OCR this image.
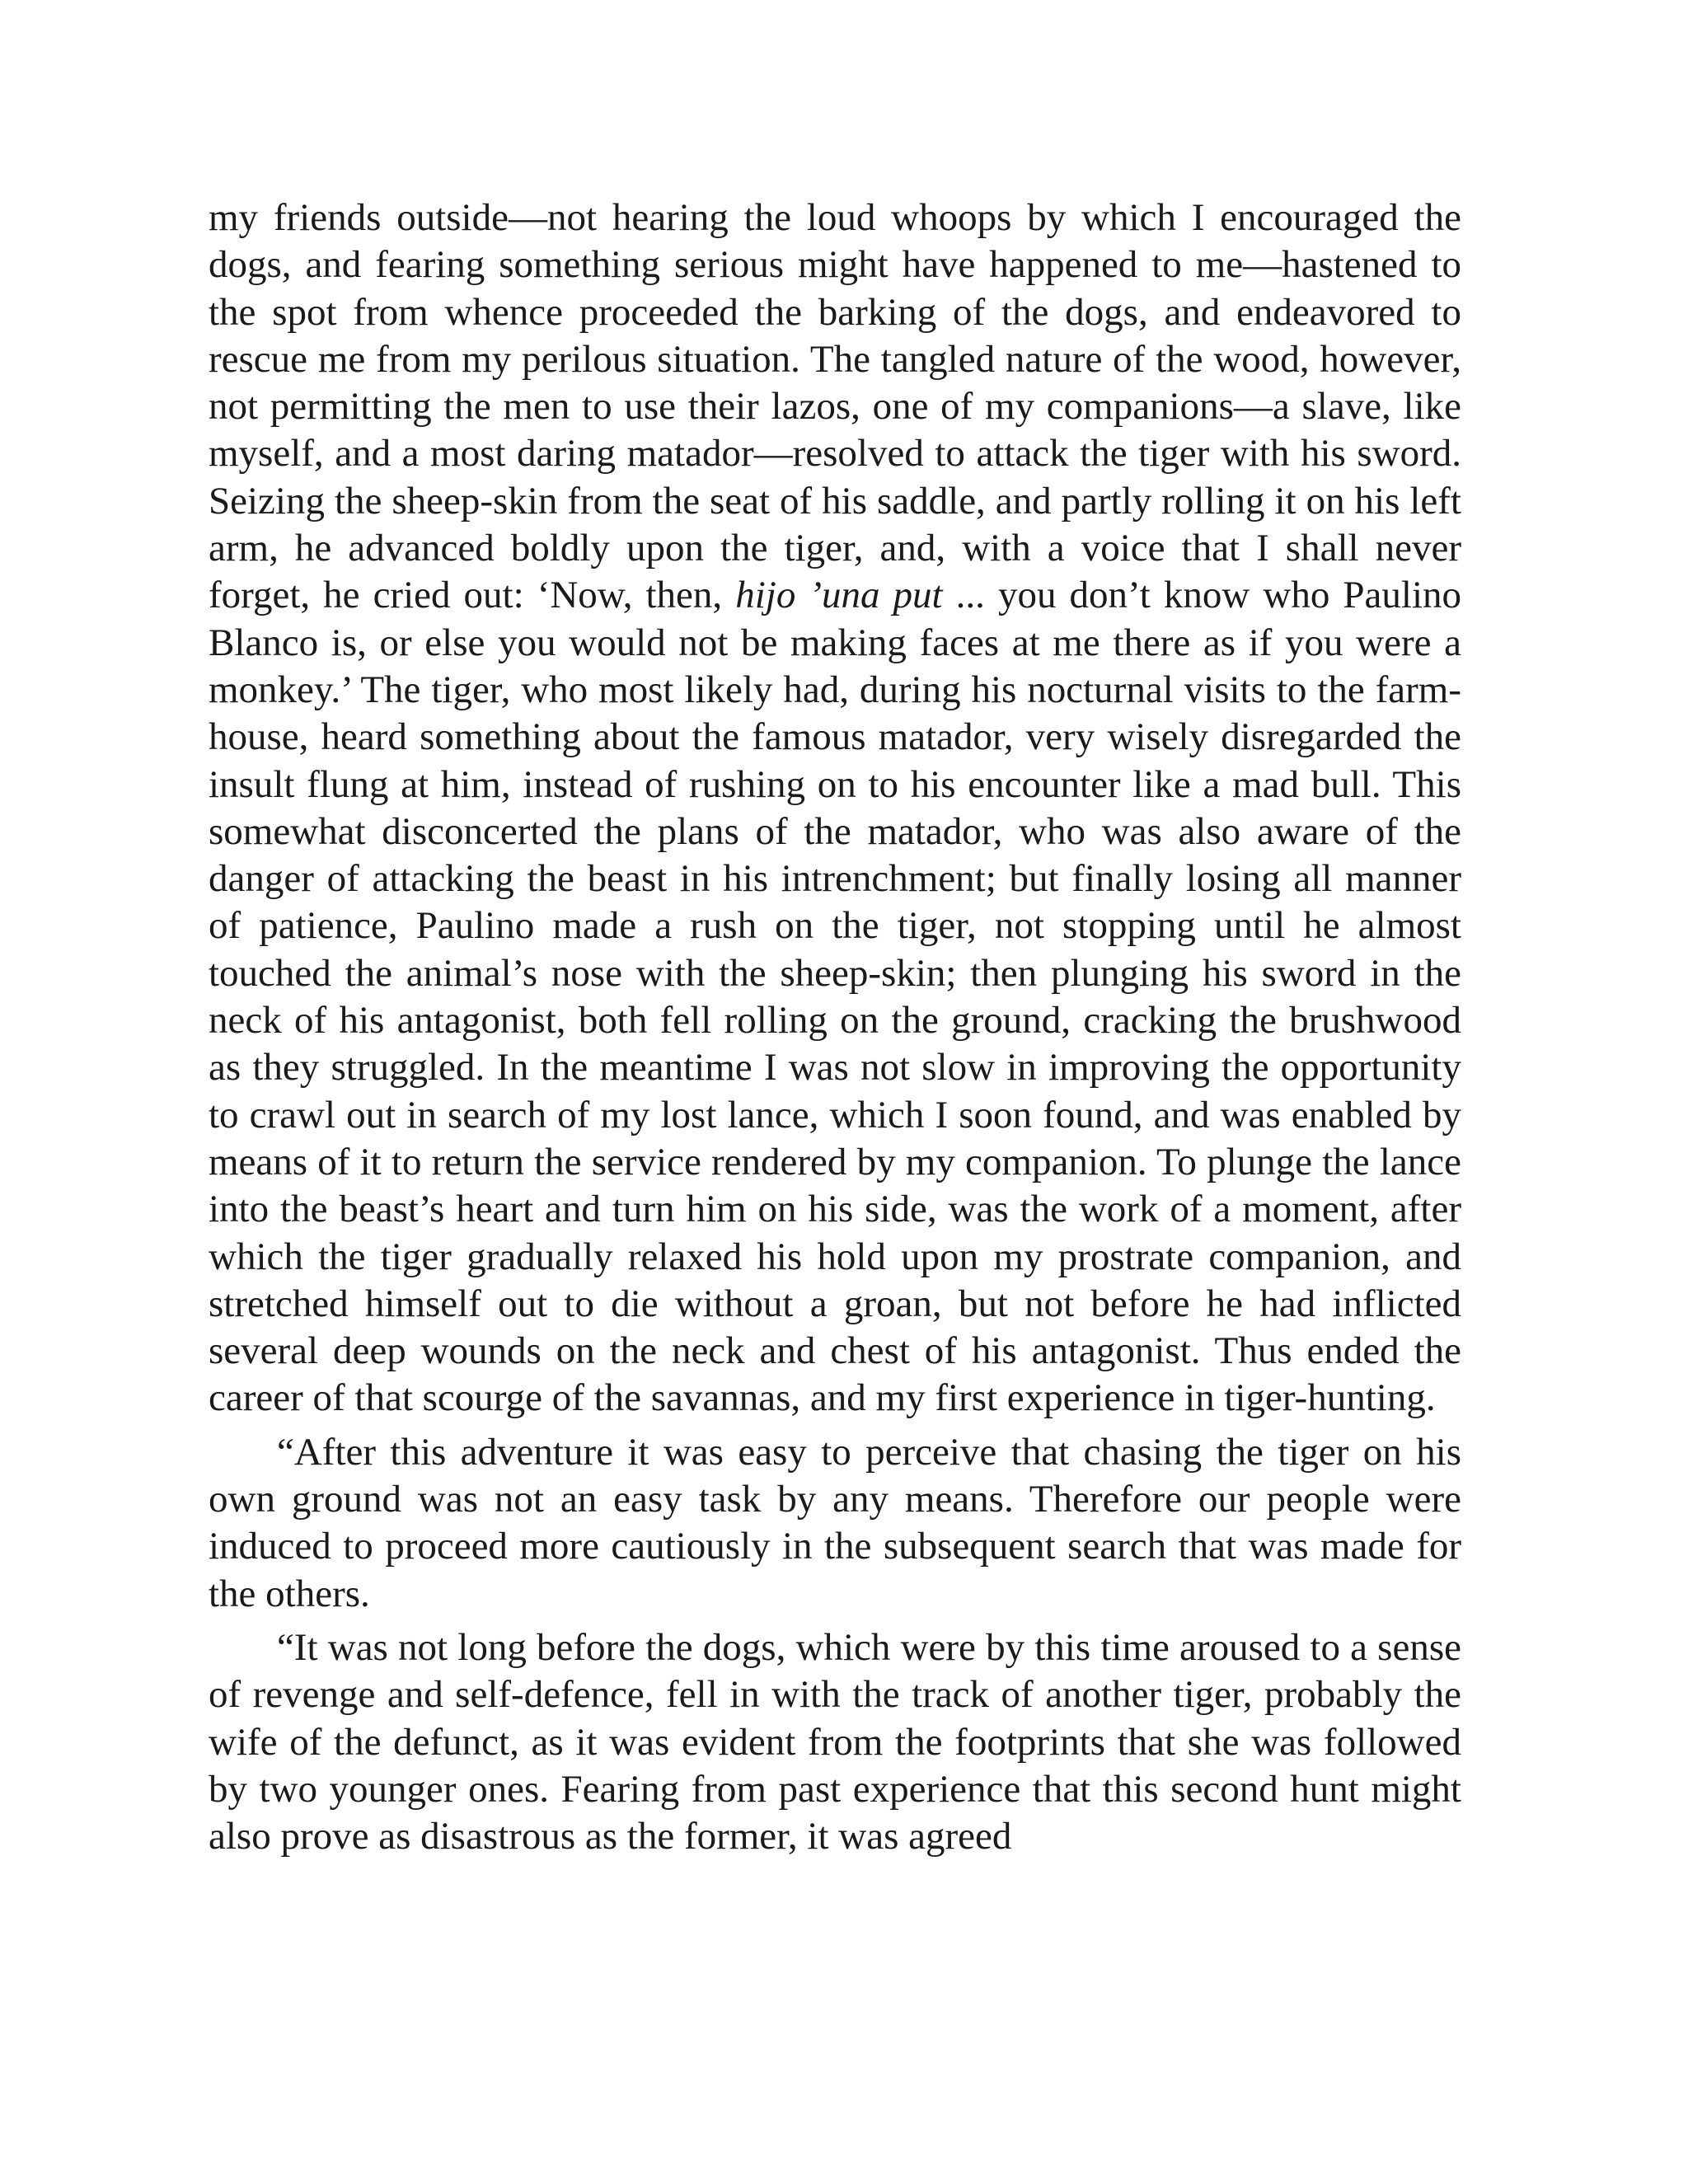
my friends outside—not hearing the loud whoops by which I encouraged the dogs, and fearing something serious might have happened to me—hastened to the spot from whence proceeded the barking of the dogs, and endeavored to rescue me from my perilous situation. The tangled nature of the wood, however, not permitting the men to use their lazos, one of my companions—a slave, like myself, and a most daring matador—resolved to attack the tiger with his sword. Seizing the sheep-skin from the seat of his saddle, and partly rolling it on his left arm, he advanced boldly upon the tiger, and, with a voice that I shall never forget, he cried out: ‘Now, then, hijo ’una put ... you don’t know who Paulino Blanco is, or else you would not be making faces at me there as if you were a monkey.’ The tiger, who most likely had, during his nocturnal visits to the farm-house, heard something about the famous matador, very wisely disregarded the insult flung at him, instead of rushing on to his encounter like a mad bull. This somewhat disconcerted the plans of the matador, who was also aware of the danger of attacking the beast in his intrenchment; but finally losing all manner of patience, Paulino made a rush on the tiger, not stopping until he almost touched the animal’s nose with the sheep-skin; then plunging his sword in the neck of his antagonist, both fell rolling on the ground, cracking the brushwood as they struggled. In the meantime I was not slow in improving the opportunity to crawl out in search of my lost lance, which I soon found, and was enabled by means of it to return the service rendered by my companion. To plunge the lance into the beast’s heart and turn him on his side, was the work of a moment, after which the tiger gradually relaxed his hold upon my prostrate companion, and stretched himself out to die without a groan, but not before he had inflicted several deep wounds on the neck and chest of his antagonist. Thus ended the career of that scourge of the savannas, and my first experience in tiger-hunting.

“After this adventure it was easy to perceive that chasing the tiger on his own ground was not an easy task by any means. Therefore our people were induced to proceed more cautiously in the subsequent search that was made for the others.

“It was not long before the dogs, which were by this time aroused to a sense of revenge and self-defence, fell in with the track of another tiger, probably the wife of the defunct, as it was evident from the footprints that she was followed by two younger ones. Fearing from past experience that this second hunt might also prove as disastrous as the former, it was agreed
